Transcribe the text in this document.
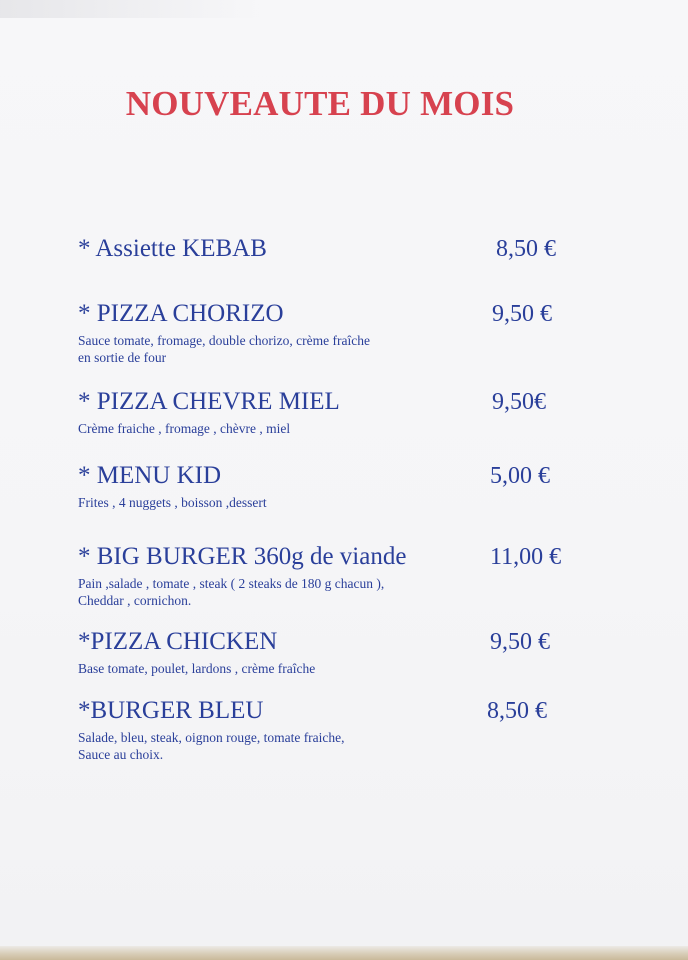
NOUVEAUTE DU MOIS
* Assiette KEBAB	8,50 €
* PIZZA CHORIZO	9,50 €
Sauce tomate, fromage, double chorizo, crème fraîche
en sortie de four
* PIZZA CHEVRE MIEL	9,50€
Crème fraiche , fromage , chèvre , miel
* MENU KID	5,00 €
Frites , 4 nuggets , boisson ,dessert
* BIG BURGER 360g de viande	11,00 €
Pain ,salade , tomate , steak ( 2 steaks de 180 g chacun ),
Cheddar , cornichon.
*PIZZA CHICKEN	9,50 €
Base tomate, poulet, lardons , crème fraîche
*BURGER BLEU	8,50 €
Salade, bleu, steak, oignon rouge, tomate fraiche,
Sauce au choix.
